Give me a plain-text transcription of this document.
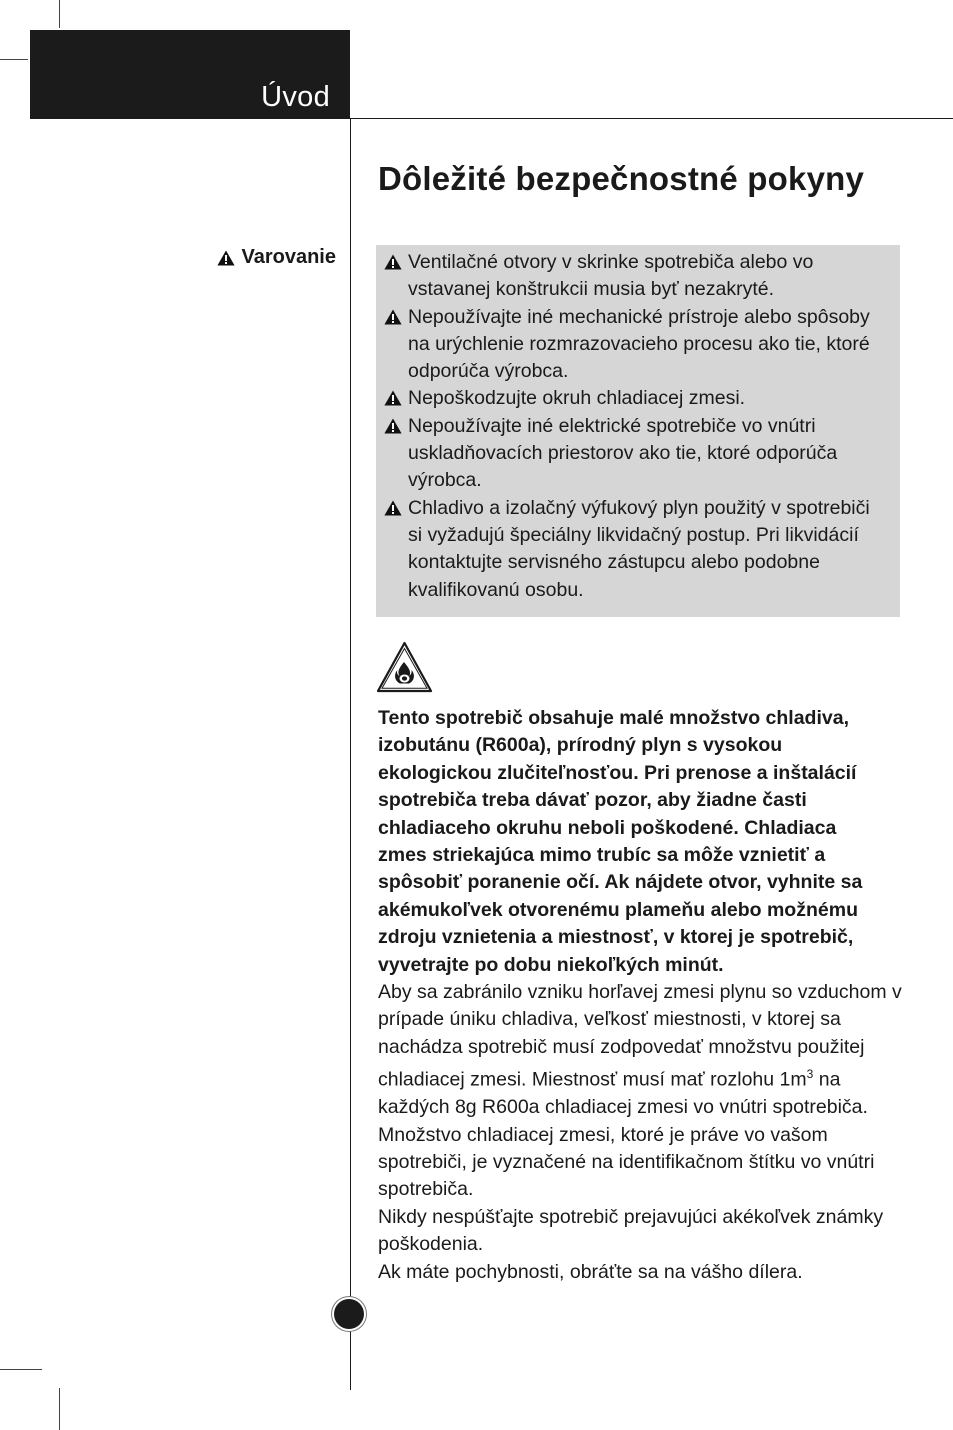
Úvod
Dôležité bezpečnostné pokyny
Varovanie	Ventilačné otvory v skrinke spotrebiča alebo vo vstavanej konštrukcii musia byť nezakryté.
Nepoužívajte iné mechanické prístroje alebo spôsoby na urýchlenie rozmrazovacieho procesu ako tie, ktoré odporúča výrobca.
Nepoškodzujte okruh chladiacej zmesi.
Nepoužívajte iné elektrické spotrebiče vo vnútri uskladňovacích priestorov ako tie, ktoré odporúča výrobca.
Chladivo a izolačný výfukový plyn použitý v spotrebiči si vyžadujú špeciálny likvidačný postup. Pri likvidácií kontaktujte servisného zástupcu alebo podobne kvalifikovanú osobu.

Tento spotrebič obsahuje malé množstvo chladiva, izobutánu (R600a), prírodný plyn s vysokou ekologickou zlučiteľnosťou. Pri prenose a inštalácií spotrebiča treba dávať pozor, aby žiadne časti chladiaceho okruhu neboli poškodené. Chladiaca zmes striekajúca mimo trubíc sa môže vznietiť a spôsobiť poranenie očí. Ak nájdete otvor, vyhnite sa akémukoľvek otvorenému plameňu alebo možnému zdroju vznietenia a miestnosť, v ktorej je spotrebič, vyvetrajte po dobu niekoľkých minút.

Aby sa zabránilo vzniku horľavej zmesi plynu so vzduchom v prípade úniku chladiva, veľkosť miestnosti, v ktorej sa nachádza spotrebič musí zodpovedať množstvu použitej chladiacej zmesi. Miestnosť musí mať rozlohu $1m^3$ na každých 8g R600a chladiacej zmesi vo vnútri spotrebiča. Množstvo chladiacej zmesi, ktoré je práve vo vašom spotrebiči, je vyznačené na identifikačnom štítku vo vnútri spotrebiča.

Nikdy nespúšťajte spotrebič prejavujúci akékoľvek známky poškodenia.

Ak máte pochybnosti, obráťte sa na vášho dílera.
